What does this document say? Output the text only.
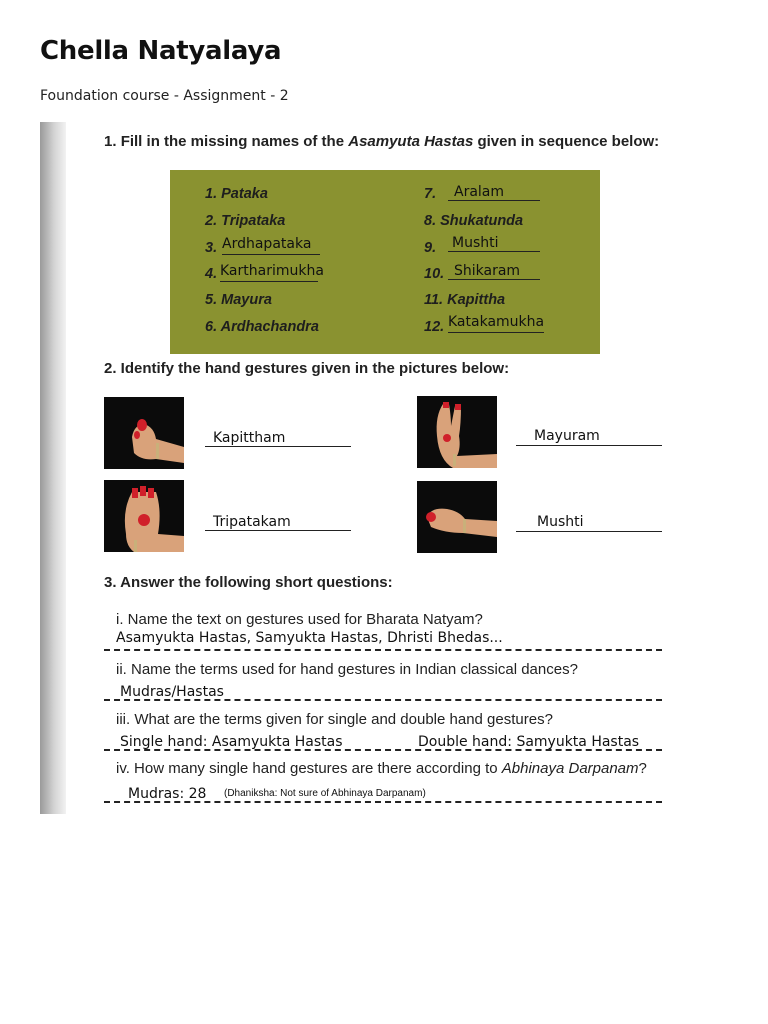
Chella Natyalaya
Foundation course - Assignment - 2
1. Fill in the missing names of the Asamyuta Hastas given in sequence below:
1. Pataka
2. Tripataka
3. Ardhapataka
4. Kartharimukha
5. Mayura
6. Ardhachandra
7.	Aralam
8. Shukatunda
9. Mushti
10. Shikaram
11. Kapittha
12. Katakamukha
2. Identify the hand gestures given in the pictures below:
Kapittham	Mayuram
Tripatakam	Mushti
3. Answer the following short questions:
i. Name the text on gestures used for Bharata Natyam?
Asamyukta Hastas, Samyukta Hastas, Dhristi Bhedas...
ii. Name the terms used for hand gestures in Indian classical dances?
Mudras/Hastas
iii. What are the terms given for single and double hand gestures?
Single hand: Asamyukta Hastas	Double hand: Samyukta Hastas
iv. How many single hand gestures are there according to Abhinaya Darpanam?
Mudras: 28 (Dhaniksha: Not sure of Abhinaya Darpanam)
